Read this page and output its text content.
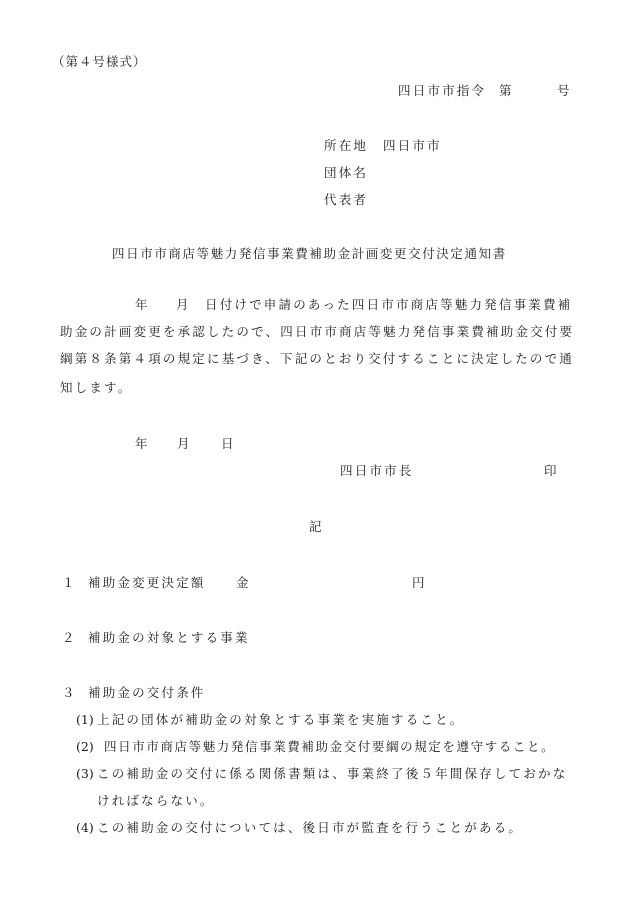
（第４号様式）
四日市市指令 第	号
所在地 四日市市
団体名
代表者
四日市市商店等魅力発信事業費補助金計画変更交付決定通知書
年 月 日付けで申請のあった四日市市商店等魅力発信事業費補
助金の計画変更を承認したので、四日市市商店等魅力発信事業費補助金交付要
綱第８条第４項の規定に基づき、下記のとおり交付することに決定したので通
知します。
年 月 日
四日市市長	印
記
１ 補助金変更決定額 金	円
２ 補助金の対象とする事業
３ 補助金の交付条件
(1) 上記の団体が補助金の対象とする事業を実施すること。
(2) 四日市市商店等魅力発信事業費補助金交付要綱の規定を遵守すること。
(3) この補助金の交付に係る関係書類は、事業終了後５年間保存しておかな
ければならない。
(4) この補助金の交付については、後日市が監査を行うことがある。
